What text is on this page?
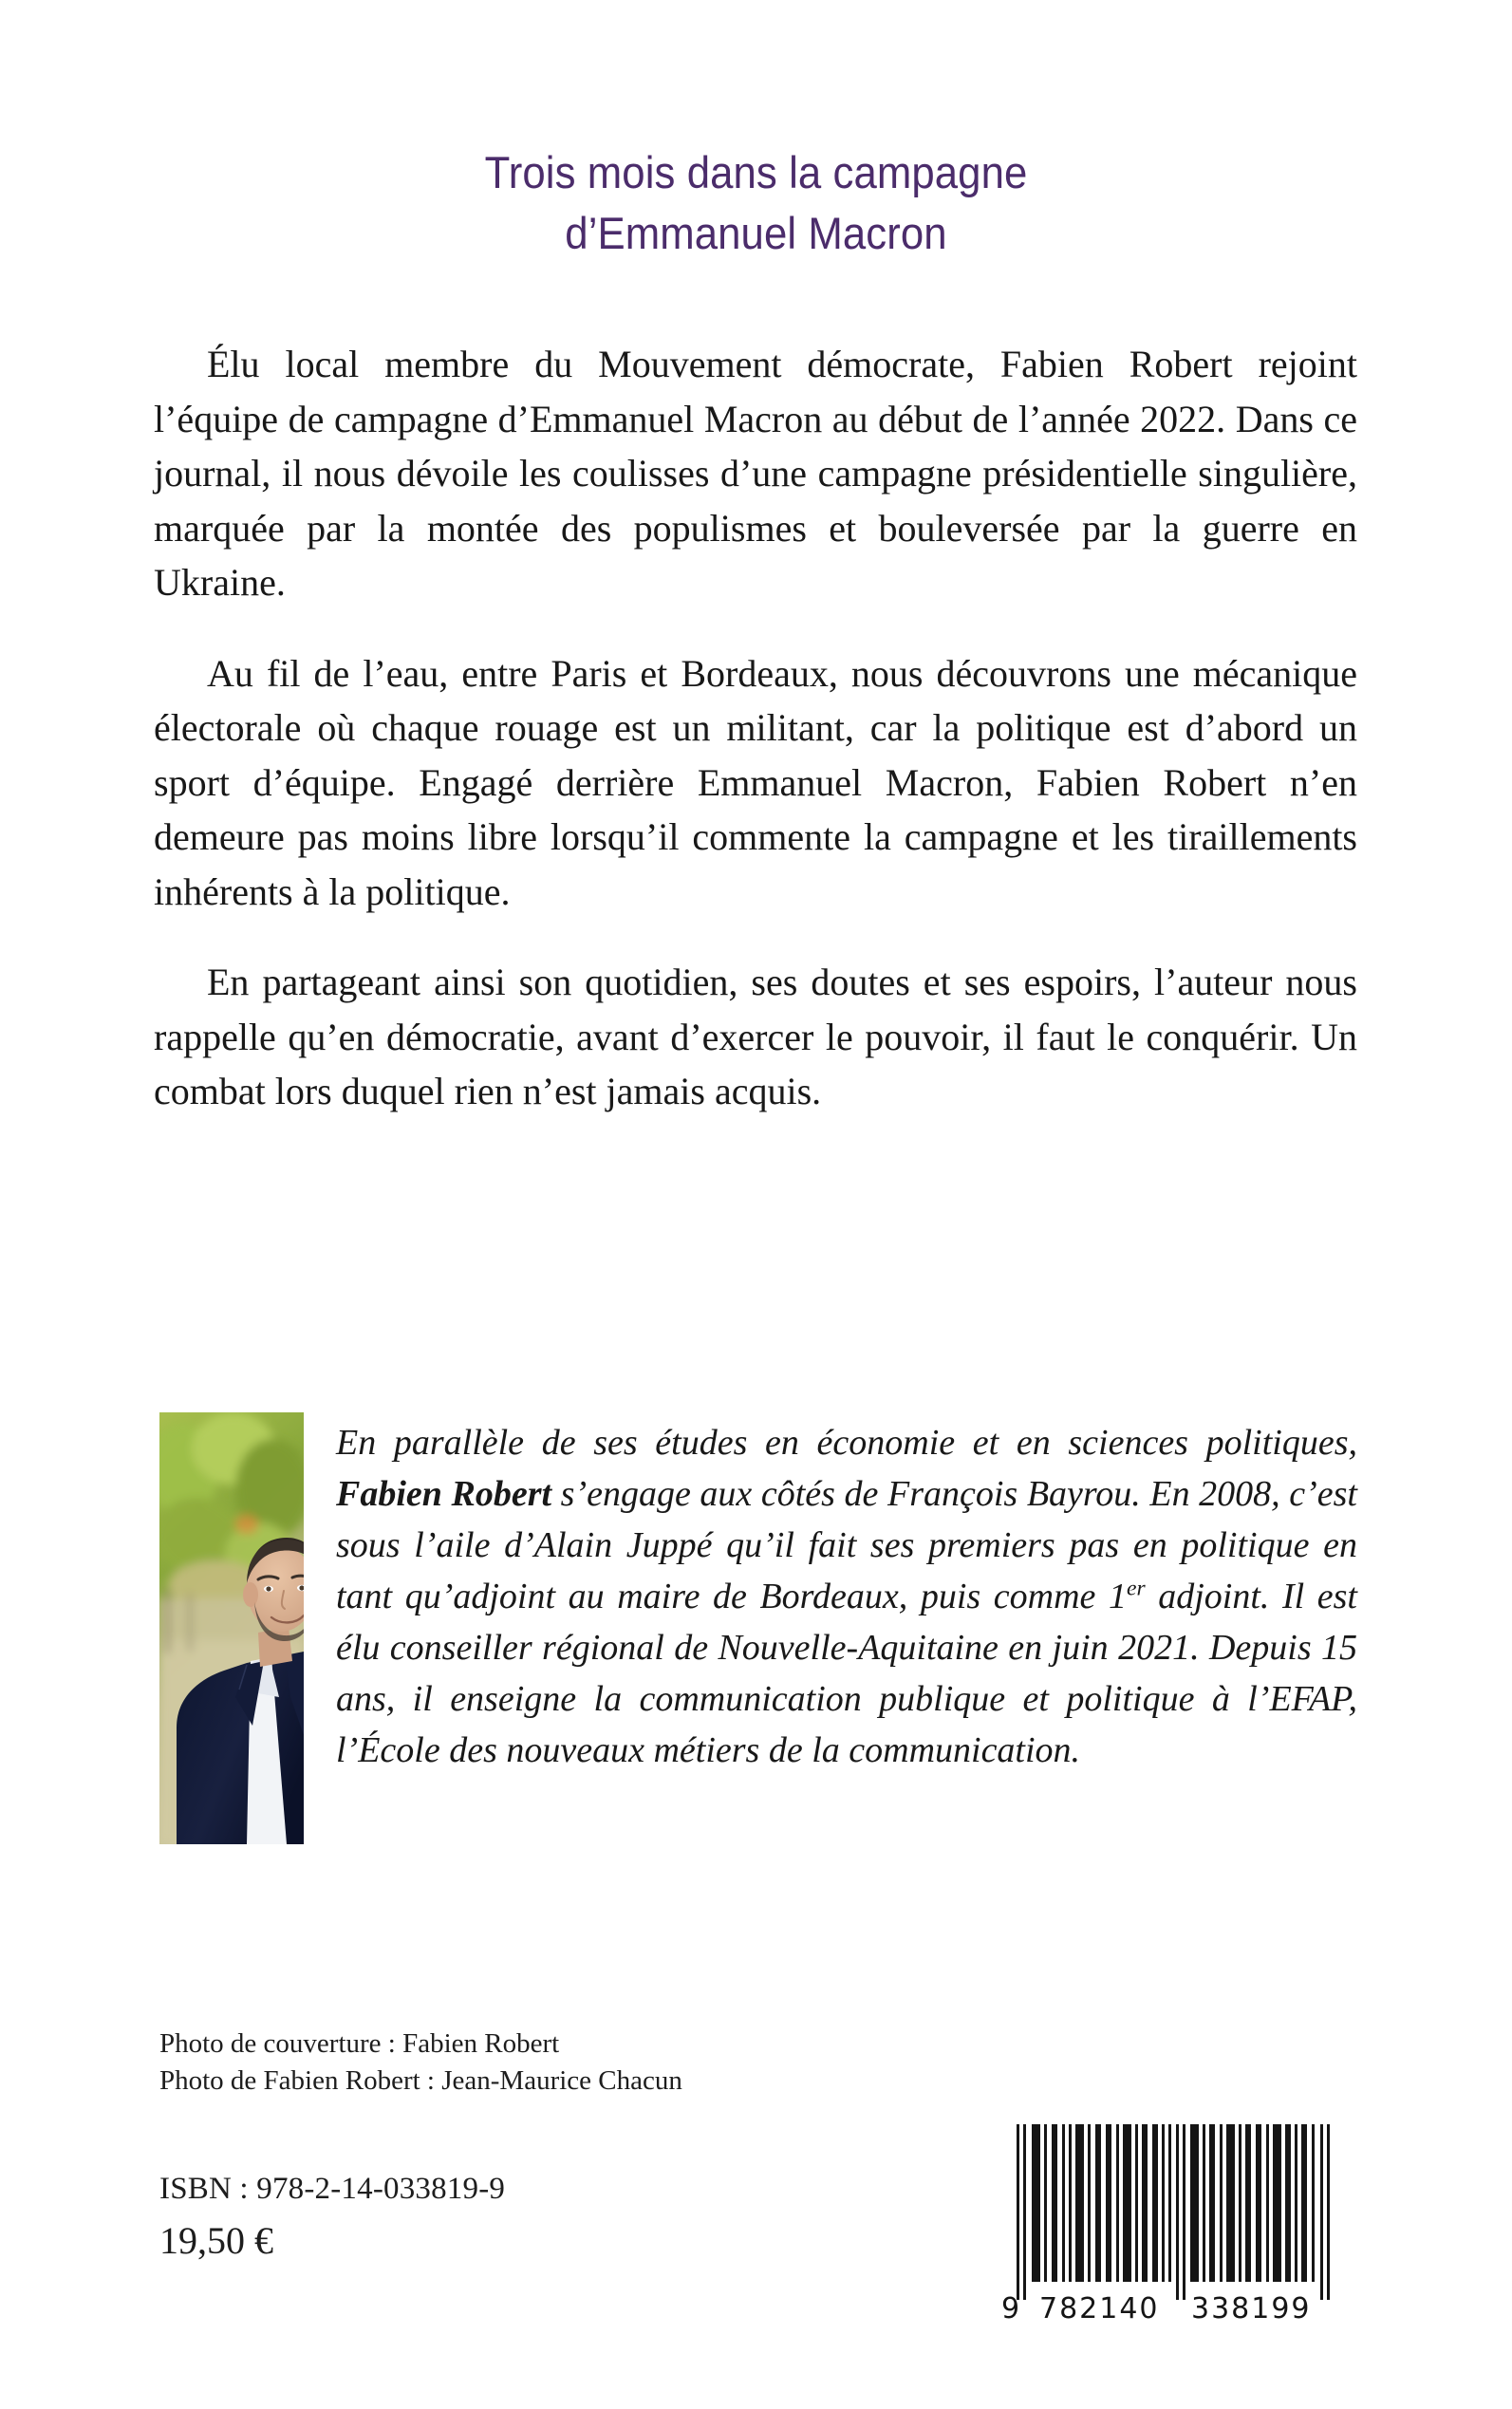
Trois mois dans la campagne
d’Emmanuel Macron

Élu local membre du Mouvement démocrate, Fabien Robert rejoint l’équipe de campagne d’Emmanuel Macron au début de l’année 2022. Dans ce journal, il nous dévoile les coulisses d’une campagne présidentielle singulière, marquée par la montée des populismes et bouleversée par la guerre en Ukraine.

Au fil de l’eau, entre Paris et Bordeaux, nous découvrons une mécanique électorale où chaque rouage est un militant, car la politique est d’abord un sport d’équipe. Engagé derrière Emmanuel Macron, Fabien Robert n’en demeure pas moins libre lorsqu’il commente la campagne et les tiraillements inhérents à la politique.

En partageant ainsi son quotidien, ses doutes et ses espoirs, l’auteur nous rappelle qu’en démocratie, avant d’exercer le pouvoir, il faut le conquérir. Un combat lors duquel rien n’est jamais acquis.

En parallèle de ses études en économie et en sciences politiques, Fabien Robert s’engage aux côtés de François Bayrou. En 2008, c’est sous l’aile d’Alain Juppé qu’il fait ses premiers pas en politique en tant qu’adjoint au maire de Bordeaux, puis comme 1er adjoint. Il est élu conseiller régional de Nouvelle-Aquitaine en juin 2021. Depuis 15 ans, il enseigne la communication publique et politique à l’EFAP, l’École des nouveaux métiers de la communication.
Photo de couverture : Fabien Robert
Photo de Fabien Robert : Jean-Maurice Chacun
ISBN : 978-2-14-033819-9
19,50 €
9 782140 338199
